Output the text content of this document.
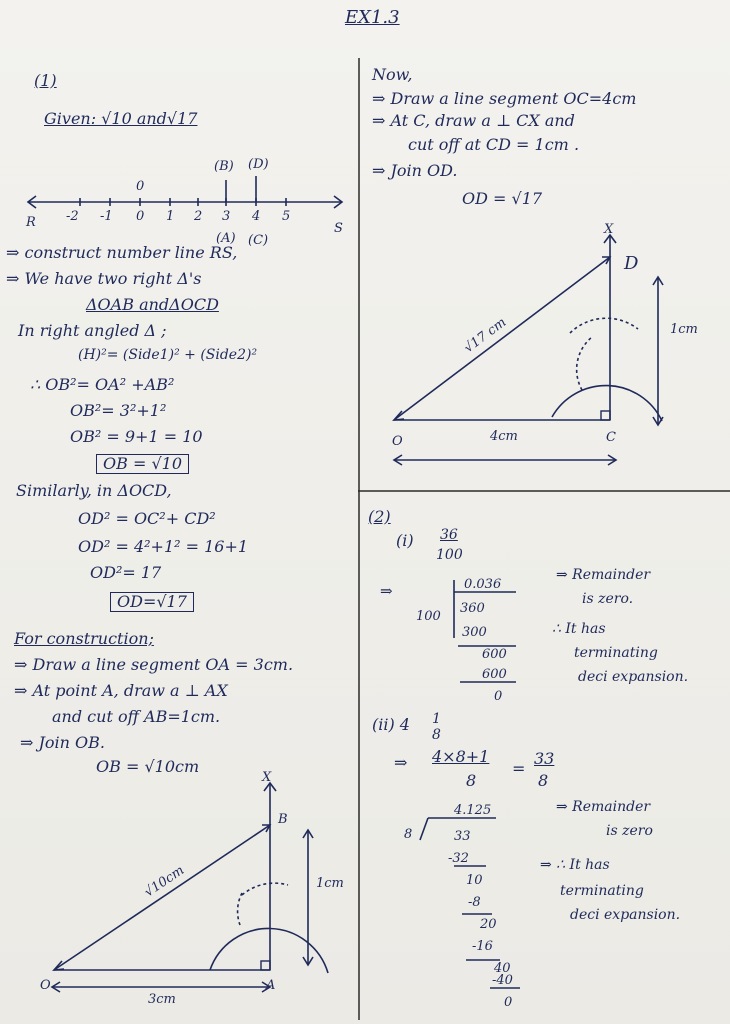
EX1.3
(1)
Given: √10 and√17
(B) (D)
0
R -2 -1 0 1 2 3 4 5
S
(A) (C)
⇒ construct number line RS,
⇒ We have two right Δ's
ΔOAB andΔOCD
In right angled Δ ;
(H)²= (Side1)² + (Side2)²
∴ OB²= OA² +AB²
OB²= 3²+1²
OB² = 9+1 = 10
OB = √10
Similarly, in ΔOCD,
OD² = OC²+ CD²
OD² = 4²+1² = 16+1
OD²= 17
OD=√17
For construction;
⇒ Draw a line segment OA = 3cm.
⇒ At point A, draw a ⊥ AX
and cut off AB=1cm.
⇒ Join OB.
OB = √10cm
O	A
B
X
√10cm
3cm
1cm
Now,
⇒ Draw a line segment OC=4cm
⇒ At C, draw a ⊥ CX and
cut off at CD = 1cm .
⇒ Join OD.
OD = √17
O	C
D
X
√17 cm
4cm
1cm
(2)
(i) 36
100
⇒	0.036
100
360
300
600
600
0
⇒ Remainder
is zero.
∴ It has
terminating
deci expansion.
(ii) 4 1
8
⇒ 4×8+1
8
=
33
8
4.125
8	33
-32
10
-8
20
-16
40
-40
0
⇒ Remainder
is zero
⇒ ∴ It has
terminating
deci expansion.
